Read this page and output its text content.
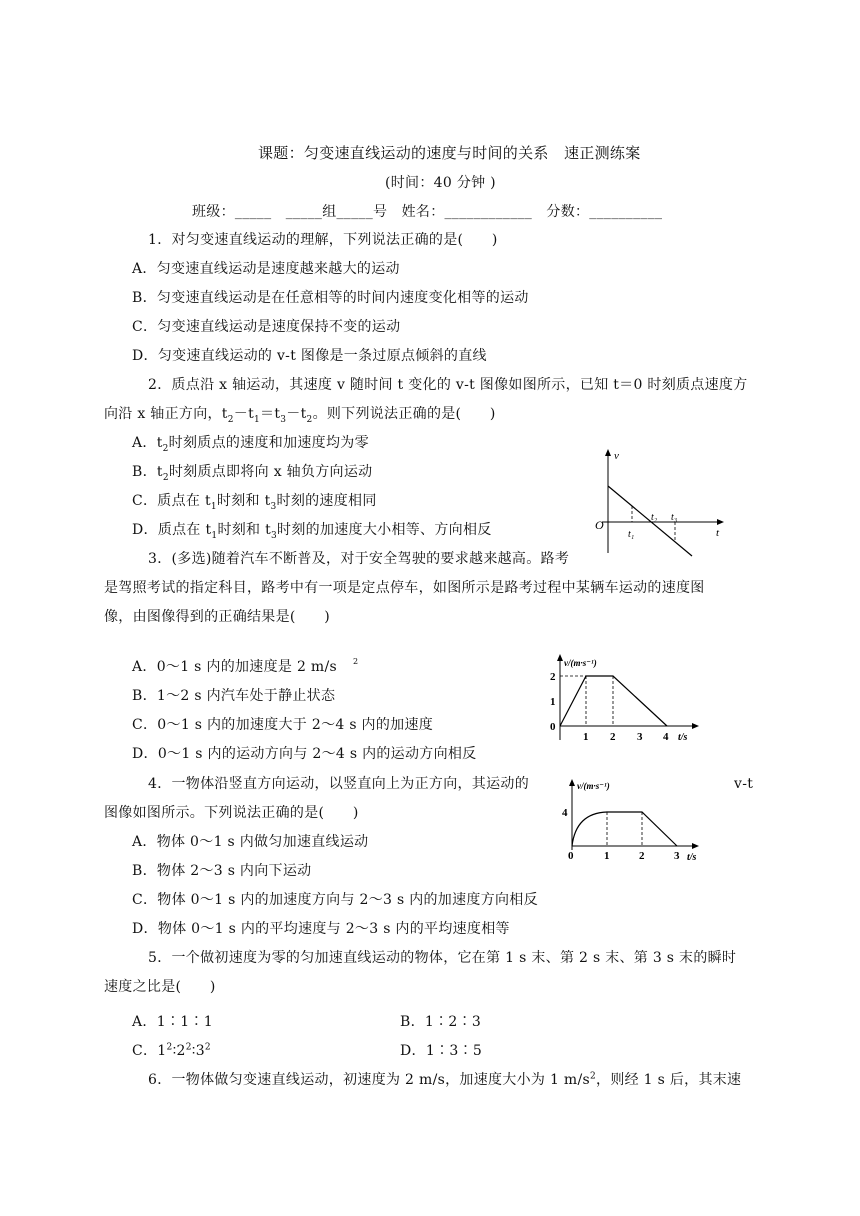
课题：匀变速直线运动的速度与时间的关系　速正测练案
(时间：40 分钟 )
班级：_____　_____组_____号　姓名：____________　分数：__________
1．对匀变速直线运动的理解，下列说法正确的是(　　)
A．匀变速直线运动是速度越来越大的运动
B．匀变速直线运动是在任意相等的时间内速度变化相等的运动
C．匀变速直线运动是速度保持不变的运动
D．匀变速直线运动的 v-t 图像是一条过原点倾斜的直线
2．质点沿 x 轴运动，其速度 v 随时间 t 变化的 v-t 图像如图所示，已知 t＝0 时刻质点速度方
向沿 x 轴正方向，$t_2-t_1=t_3-t_2$。则下列说法正确的是(　　)
A．$t_2$时刻质点的速度和加速度均为零
B．$t_2$时刻质点即将向 x 轴负方向运动
C．质点在 $t_1$时刻和 $t_3$时刻的速度相同
D．质点在 $t_1$时刻和 $t_3$时刻的加速度大小相等、方向相反
v
t
O
t₁
t₂ t₃
3．(多选)随着汽车不断普及，对于安全驾驶的要求越来越高。路考
是驾照考试的指定科目，路考中有一项是定点停车，如图所示是路考过程中某辆车运动的速度图
像，由图像得到的正确结果是(　　)
A．0～1 s 内的加速度是 2 m/s $^2$
B．1～2 s 内汽车处于静止状态
C．0～1 s 内的加速度大于 2～4 s 内的加速度
D．0～1 s 内的运动方向与 2～4 s 内的运动方向相反
v/(m·s⁻¹)
t/s
2
1
0
1 2 3 4
4．一物体沿竖直方向运动，以竖直向上为正方向，其运动的	v-t
图像如图所示。下列说法正确的是(　　)
A．物体 0～1 s 内做匀加速直线运动
B．物体 2～3 s 内向下运动
C．物体 0～1 s 内的加速度方向与 2～3 s 内的加速度方向相反
D．物体 0～1 s 内的平均速度与 2～3 s 内的平均速度相等
v/(m·s⁻¹)
t/s
4
0	1	2	3
5．一个做初速度为零的匀加速直线运动的物体，它在第 1 s 末、第 2 s 末、第 3 s 末的瞬时
速度之比是(　　)
A．1∶1∶1	B．1∶2∶3
C．$1^2∶2^2∶3^2$	D．1∶3∶5
6．一物体做匀变速直线运动，初速度为 2 m/s，加速度大小为 1 $m/s^2$，则经 1 s 后，其末速
